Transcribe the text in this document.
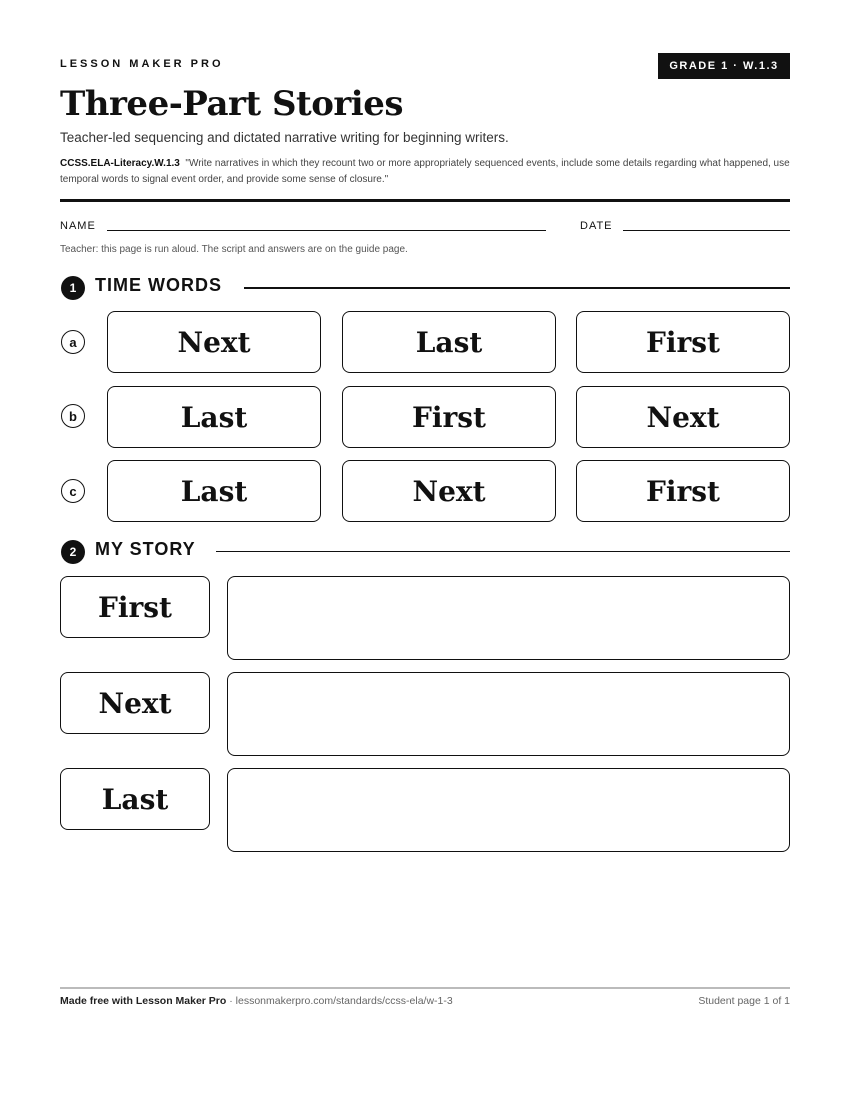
LESSON MAKER PRO	GRADE 1 · W.1.3
Three-Part Stories
Teacher-led sequencing and dictated narrative writing for beginning writers.
CCSS.ELA-Literacy.W.1.3 "Write narratives in which they recount two or more appropriately sequenced events, include some details regarding what happened, use temporal words to signal event order, and provide some sense of closure."
NAME	DATE
Teacher: this page is run aloud. The script and answers are on the guide page.
1	TIME WORDS
a	Next	Last	First
b	Last	First	Next
c	Last	Next	First
2	MY STORY
First
Next
Last
Made free with Lesson Maker Pro · lessonmakerpro.com/standards/ccss-ela/w-1-3	Student page 1 of 1
